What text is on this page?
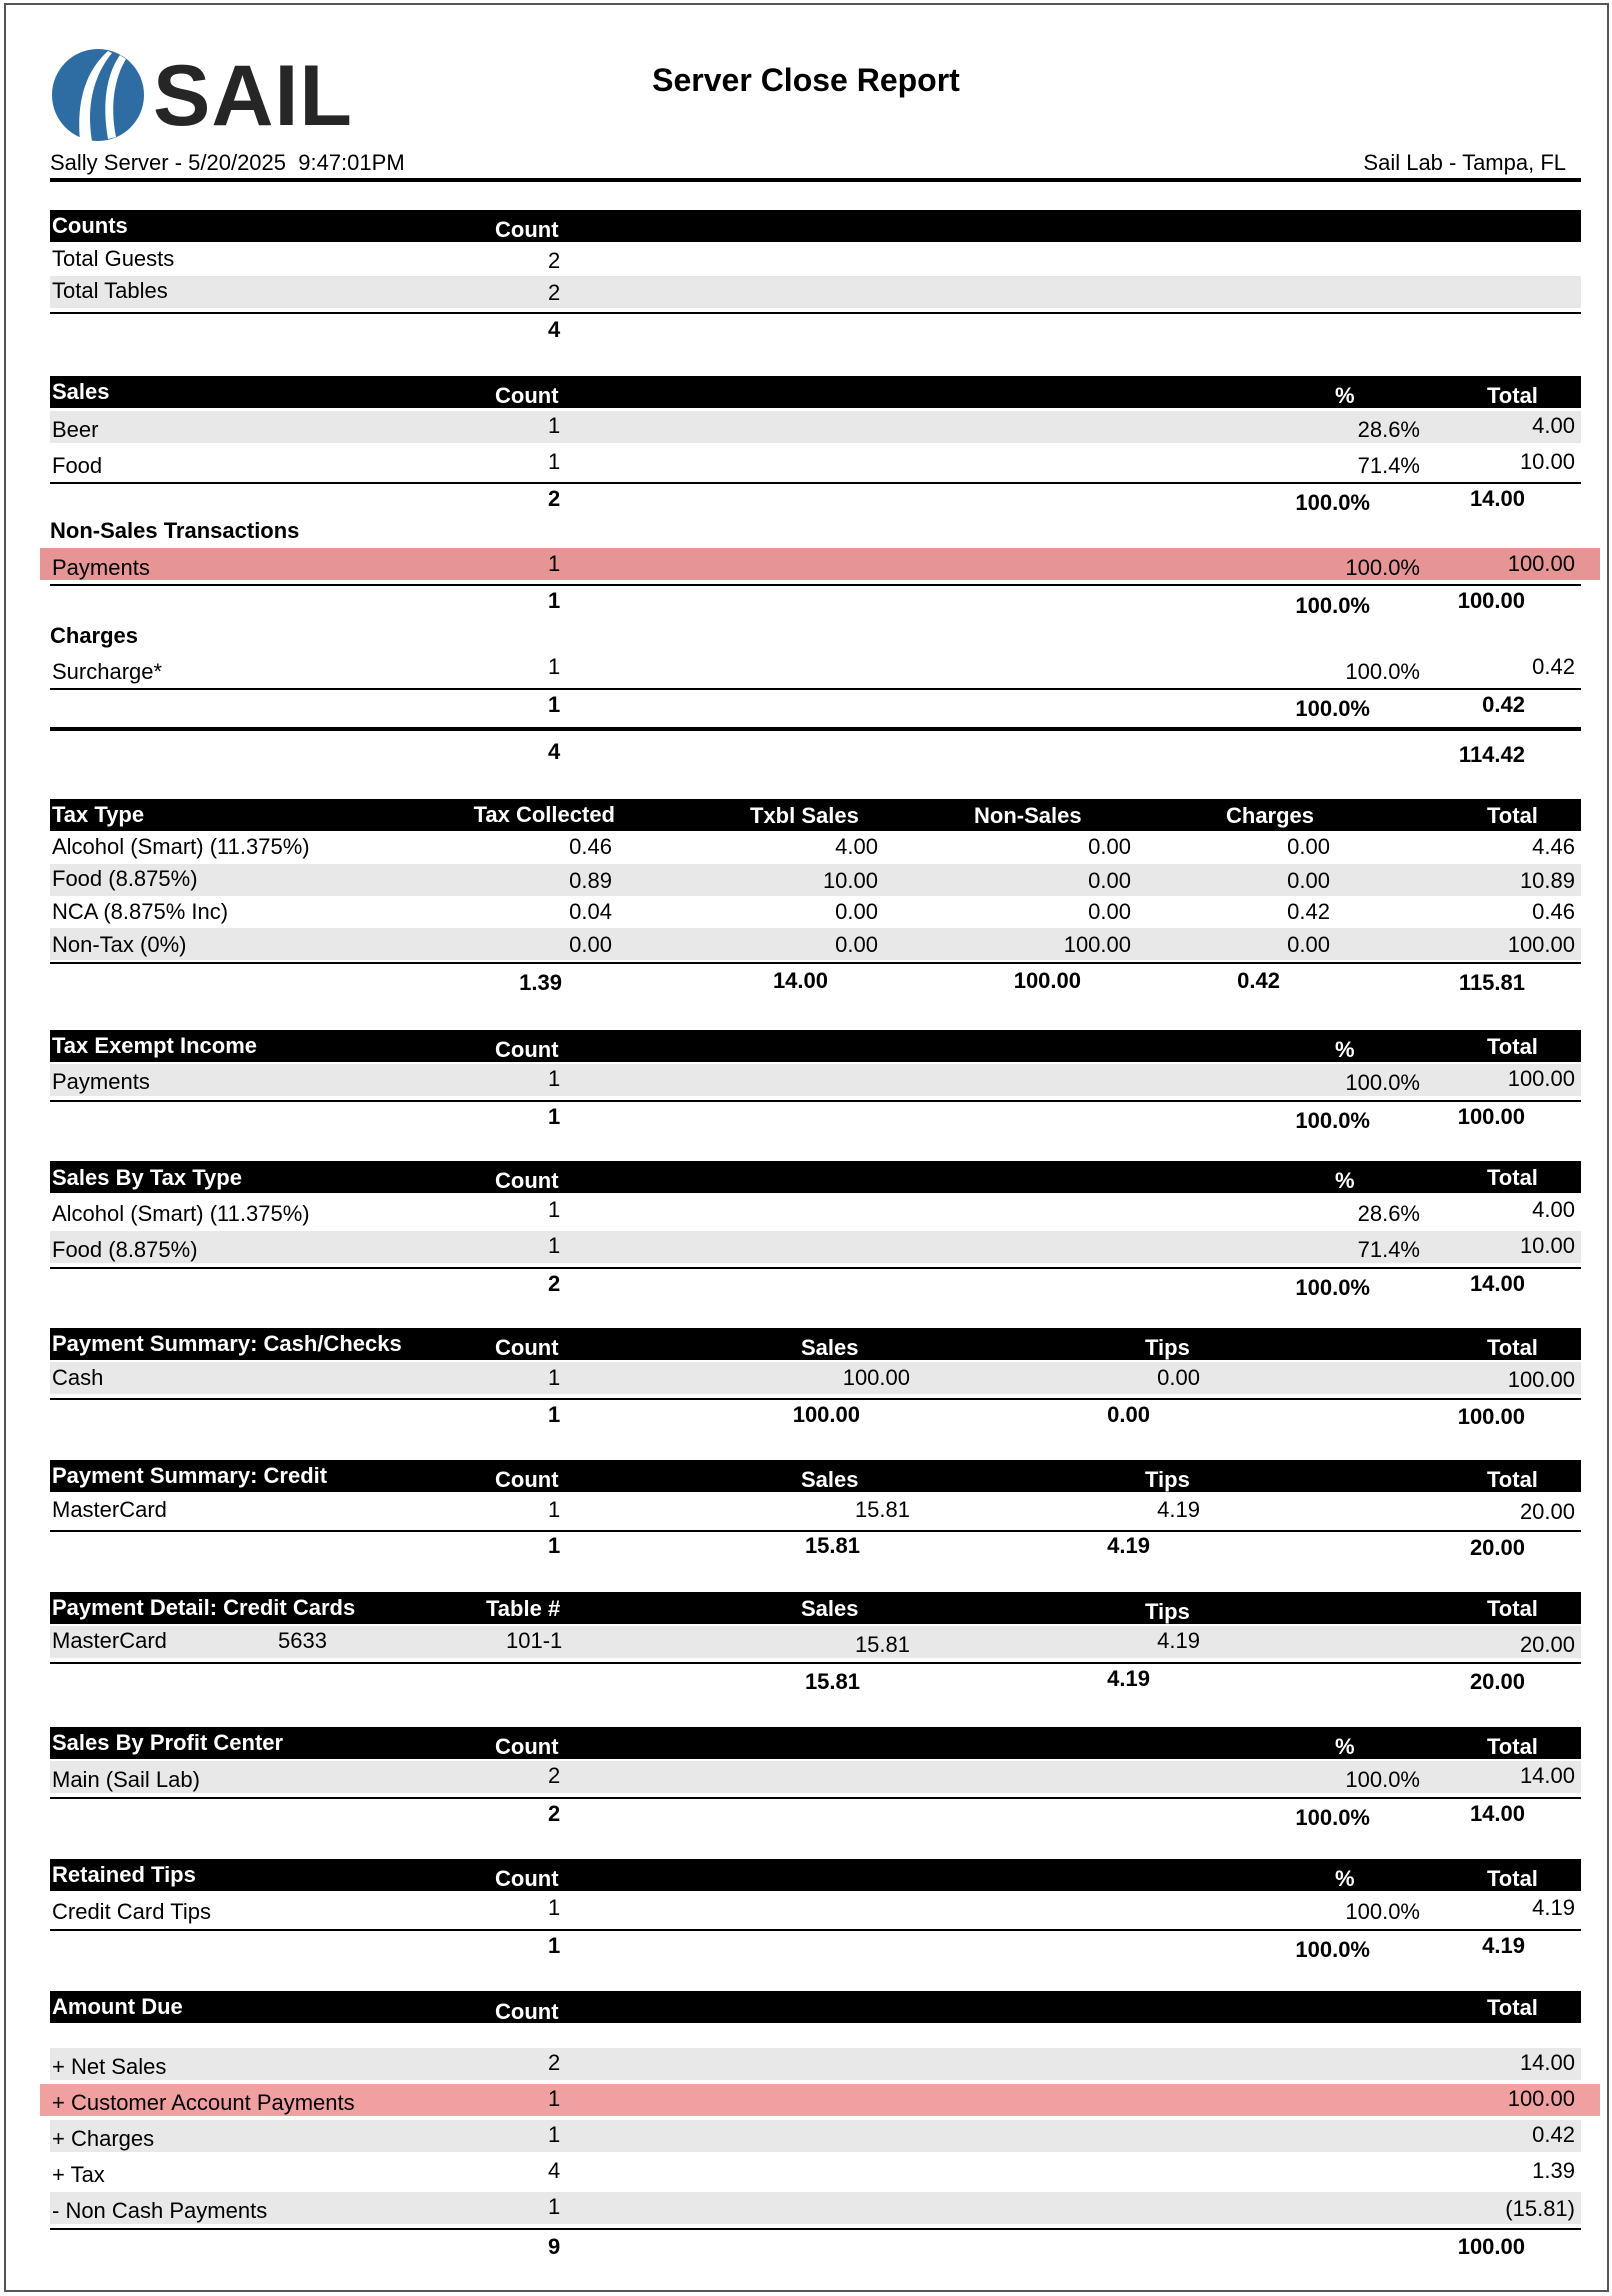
SAIL	Server Close Report
Sally Server - 5/20/2025  9:47:01PM	Sail Lab - Tampa, FL
Counts	Count
Total Guests	2
Total Tables	2
4
Sales	Count	%	Total
Beer	1	28.6%	4.00
Food	1	71.4%	10.00
2	100.0%	14.00
Non-Sales Transactions
Payments	1	100.0%	100.00
1	100.0%	100.00
Charges
Surcharge*	1	100.0%	0.42
1	100.0%	0.42
4	114.42
Tax Type	Tax Collected	Txbl Sales	Non-Sales	Charges	Total
Alcohol (Smart) (11.375%)	0.46	4.00	0.00	0.00	4.46
Food (8.875%)	0.89	10.00	0.00	0.00	10.89
NCA (8.875% Inc)	0.04	0.00	0.00	0.42	0.46
Non-Tax (0%)	0.00	0.00	100.00	0.00	100.00
1.39	14.00	100.00	0.42	115.81
Tax Exempt Income	Count	%	Total
Payments	1	100.0%	100.00
1	100.0%	100.00
Sales By Tax Type	Count	%	Total
Alcohol (Smart) (11.375%)	1	28.6%	4.00
Food (8.875%)	1	71.4%	10.00
2	100.0%	14.00
Payment Summary: Cash/Checks	Count	Sales	Tips	Total
Cash	1	100.00	0.00	100.00
1	100.00	0.00	100.00
Payment Summary: Credit	Count	Sales	Tips	Total
MasterCard	1	15.81	4.19	20.00
1	15.81	4.19	20.00
Payment Detail: Credit Cards	Table #	Sales	Tips	Total
MasterCard	5633	101-1	15.81	4.19	20.00
15.81	4.19	20.00
Sales By Profit Center	Count	%	Total
Main (Sail Lab)	2	100.0%	14.00
2	100.0%	14.00
Retained Tips	Count	%	Total
Credit Card Tips	1	100.0%	4.19
1	100.0%	4.19
Amount Due	Count	Total
+ Net Sales	2	14.00
+ Customer Account Payments	1	100.00
+ Charges	1	0.42
+ Tax	4	1.39
- Non Cash Payments	1	(15.81)
9	100.00
